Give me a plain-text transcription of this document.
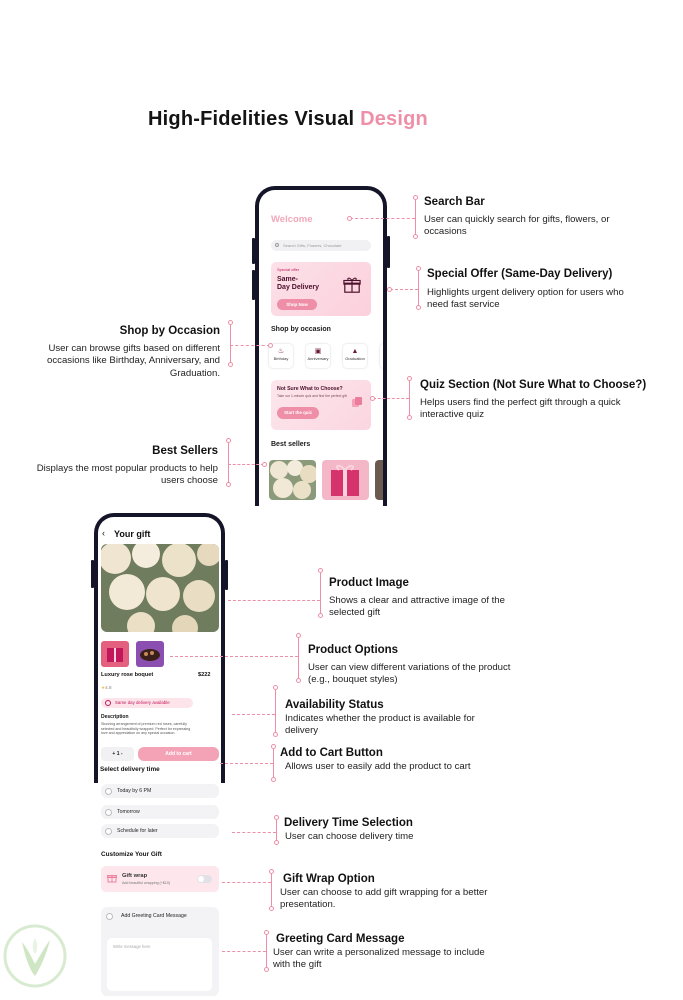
High-Fidelities Visual Design
Welcome
Search Gifts, Flowers, Chocolate
Special offer
Same-
Day Delivery
Shop Now
Shop by occasion
♨
Birthday
▣
Anniversary
▲
Graduation
Not Sure What to Choose?
Take our 1-minute quiz and find the perfect gift
Start the quiz
Best sellers
Search Bar
User can quickly search for gifts, flowers, or occasions
Special Offer (Same-Day Delivery)
Highlights urgent delivery option for users who need fast service
Shop by Occasion
User can browse gifts based on different occasions like Birthday, Anniversary, and Graduation.
Quiz Section (Not Sure What to Choose?)
Helps users find the perfect gift through a quick interactive quiz
Best Sellers
Displays the most popular products to help users choose
‹ Your gift
Luxury rose boquet	$222
★4.8
Same day delivery available
Description
Stunning arrangement of premium red roses, carefully selected and beautifully wrapped. Perfect for expressing love and appreciation on any special occasion.
+ 1 -	Add to cart
Select delivery time
Today by 6 PM
Tomorrow
Schedule for later
Customize Your Gift
Gift wrap
Add beautiful wrapping (+$10)
Add Greeting Card Message
Write message here
Product Image
Shows a clear and attractive image of the selected gift
Product Options
User can view different variations of the product (e.g., bouquet styles)
Availability Status
Indicates whether the product is available for delivery
Add to Cart Button
Allows user to easily add the product to cart
Delivery Time Selection
User can choose delivery time
Gift Wrap Option
User can choose to add gift wrapping for a better presentation.
Greeting Card Message
User can write a personalized message to include with the gift
